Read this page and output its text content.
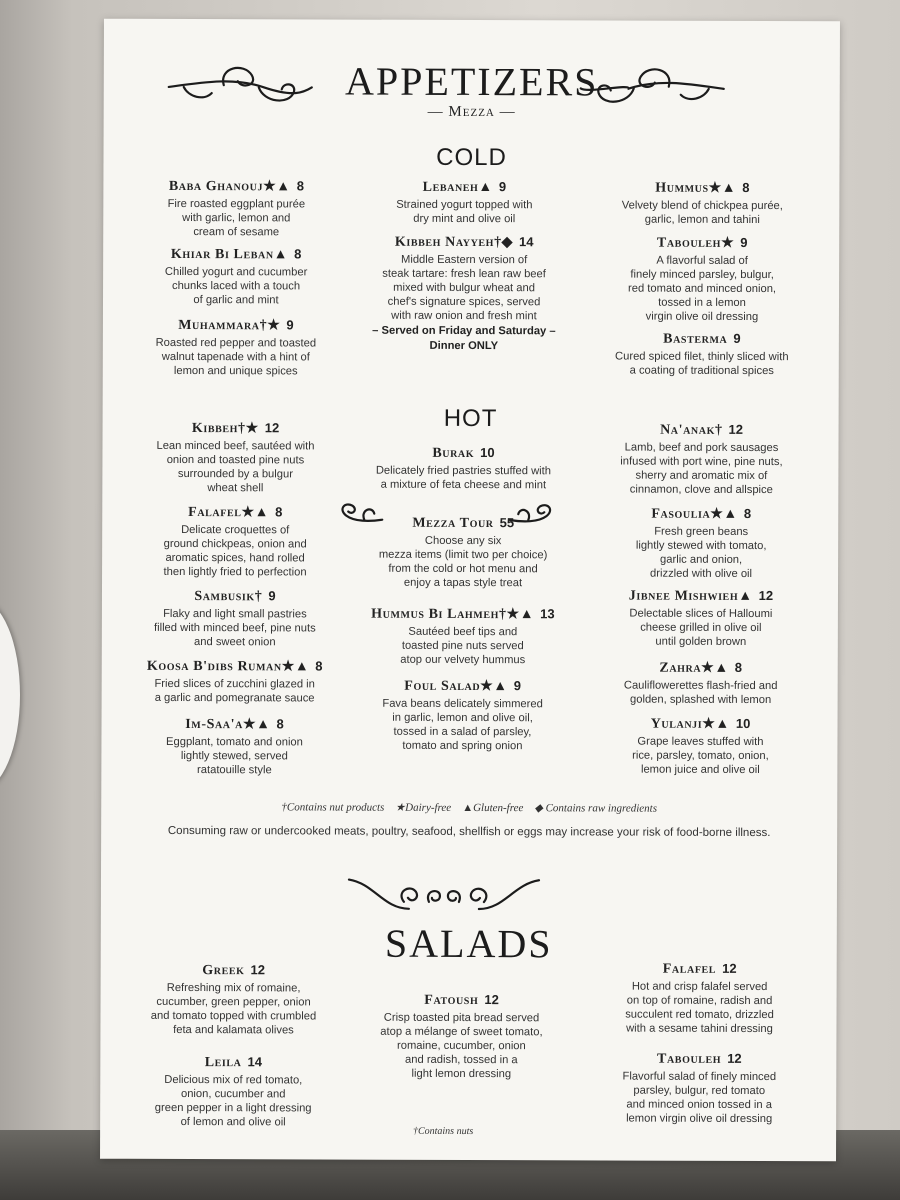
APPETIZERS
— Mezza —
COLD
HOT
Baba Ghanouj★▲ 8
Fire roasted eggplant purée
with garlic, lemon and
cream of sesame
Khiar Bi Leban▲ 8
Chilled yogurt and cucumber
chunks laced with a touch
of garlic and mint
Muhammara†★ 9
Roasted red pepper and toasted
walnut tapenade with a hint of
lemon and unique spices
Lebaneh▲ 9
Strained yogurt topped with
dry mint and olive oil
Kibbeh Nayyeh†◆ 14
Middle Eastern version of
steak tartare: fresh lean raw beef
mixed with bulgur wheat and
chef's signature spices, served
with raw onion and fresh mint
– Served on Friday and Saturday –
Dinner ONLY
Hummus★▲ 8
Velvety blend of chickpea purée,
garlic, lemon and tahini
Tabouleh★ 9
A flavorful salad of
finely minced parsley, bulgur,
red tomato and minced onion,
tossed in a lemon
virgin olive oil dressing
Basterma 9
Cured spiced filet, thinly sliced with
a coating of traditional spices
Kibbeh†★ 12
Lean minced beef, sautéed with
onion and toasted pine nuts
surrounded by a bulgur
wheat shell
Falafel★▲ 8
Delicate croquettes of
ground chickpeas, onion and
aromatic spices, hand rolled
then lightly fried to perfection
Sambusik† 9
Flaky and light small pastries
filled with minced beef, pine nuts
and sweet onion
Koosa B'dibs Ruman★▲ 8
Fried slices of zucchini glazed in
a garlic and pomegranate sauce
Im-Saa'a★▲ 8
Eggplant, tomato and onion
lightly stewed, served
ratatouille style
Burak 10
Delicately fried pastries stuffed with
a mixture of feta cheese and mint
Mezza Tour 55
Choose any six
mezza items (limit two per choice)
from the cold or hot menu and
enjoy a tapas style treat
Hummus Bi Lahmeh†★▲ 13
Sautéed beef tips and
toasted pine nuts served
atop our velvety hummus
Foul Salad★▲ 9
Fava beans delicately simmered
in garlic, lemon and olive oil,
tossed in a salad of parsley,
tomato and spring onion
Na'anak† 12
Lamb, beef and pork sausages
infused with port wine, pine nuts,
sherry and aromatic mix of
cinnamon, clove and allspice
Fasoulia★▲ 8
Fresh green beans
lightly stewed with tomato,
garlic and onion,
drizzled with olive oil
Jibnee Mishwieh▲ 12
Delectable slices of Halloumi
cheese grilled in olive oil
until golden brown
Zahra★▲ 8
Cauliflowerettes flash-fried and
golden, splashed with lemon
Yulanji★▲ 10
Grape leaves stuffed with
rice, parsley, tomato, onion,
lemon juice and olive oil
†Contains nut products    ★Dairy-free    ▲Gluten-free    ◆ Contains raw ingredients
Consuming raw or undercooked meats, poultry, seafood, shellfish or eggs may increase your risk of food-borne illness.
SALADS
Greek 12
Refreshing mix of romaine,
cucumber, green pepper, onion
and tomato topped with crumbled
feta and kalamata olives
Leila 14
Delicious mix of red tomato,
onion, cucumber and
green pepper in a light dressing
of lemon and olive oil
Fatoush 12
Crisp toasted pita bread served
atop a mélange of sweet tomato,
romaine, cucumber, onion
and radish, tossed in a
light lemon dressing
Falafel 12
Hot and crisp falafel served
on top of romaine, radish and
succulent red tomato, drizzled
with a sesame tahini dressing
Tabouleh 12
Flavorful salad of finely minced
parsley, bulgur, red tomato
and minced onion tossed in a
lemon virgin olive oil dressing
†Contains nuts
